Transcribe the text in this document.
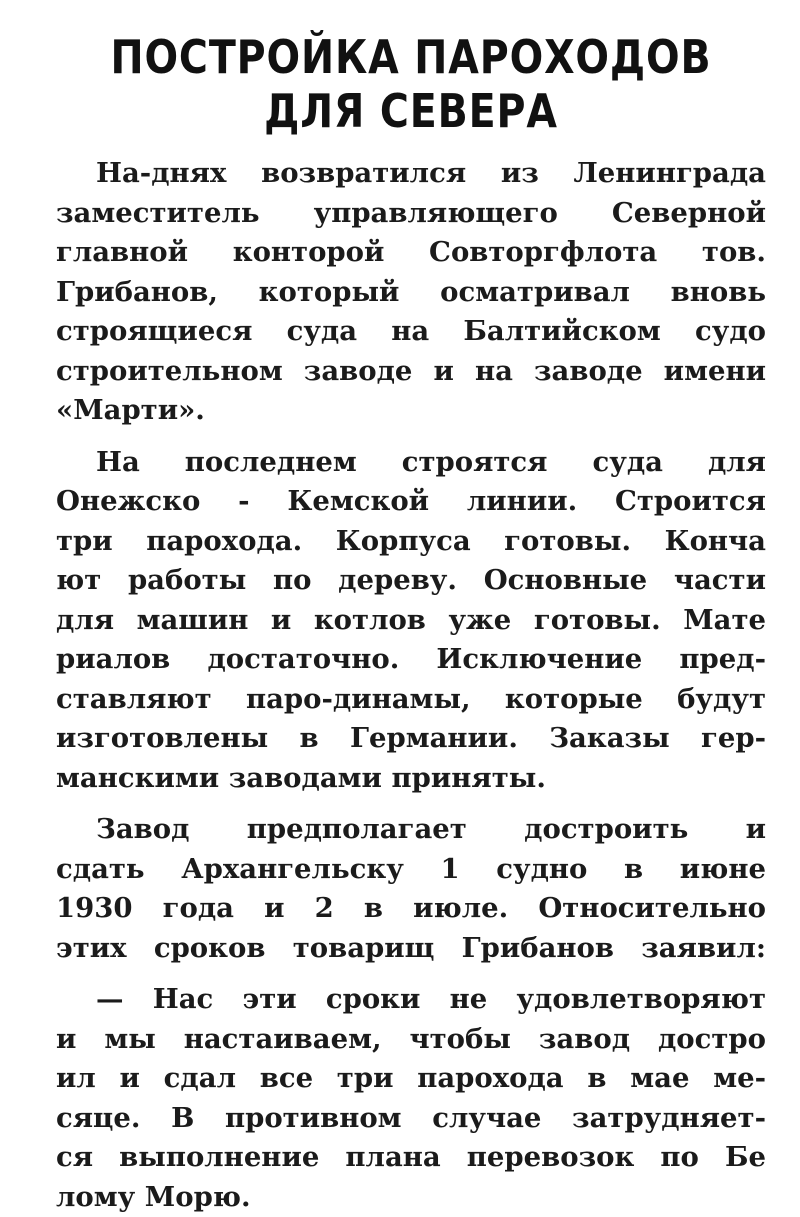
ПОСТРОЙКА ПАРОХОДОВ
ДЛЯ СЕВЕРА

На-днях возвратился из Ленинграда
заместитель управляющего Северной
главной конторой Совторгфлота тов.
Грибанов, который осматривал вновь
строящиеся суда на Балтийском судо
строительном заводе и на заводе имени
«Марти».

На последнем строятся суда для
Онежско - Кемской линии. Строится
три парохода. Корпуса готовы. Конча
ют работы по дереву. Основные части
для машин и котлов уже готовы. Мате
риалов достаточно. Исключение пред-
ставляют паро-динамы, которые будут
изготовлены в Германии. Заказы гер-
манскими заводами приняты.

Завод предполагает достроить и
сдать Архангельску 1 судно в июне
1930 года и 2 в июле. Относительно
этих сроков товарищ Грибанов заявил:

— Нас эти сроки не удовлетворяют
и мы настаиваем, чтобы завод достро
ил и сдал все три парохода в мае ме-
сяце. В противном случае затрудняет-
ся выполнение плана перевозок по Бе
лому Морю.
